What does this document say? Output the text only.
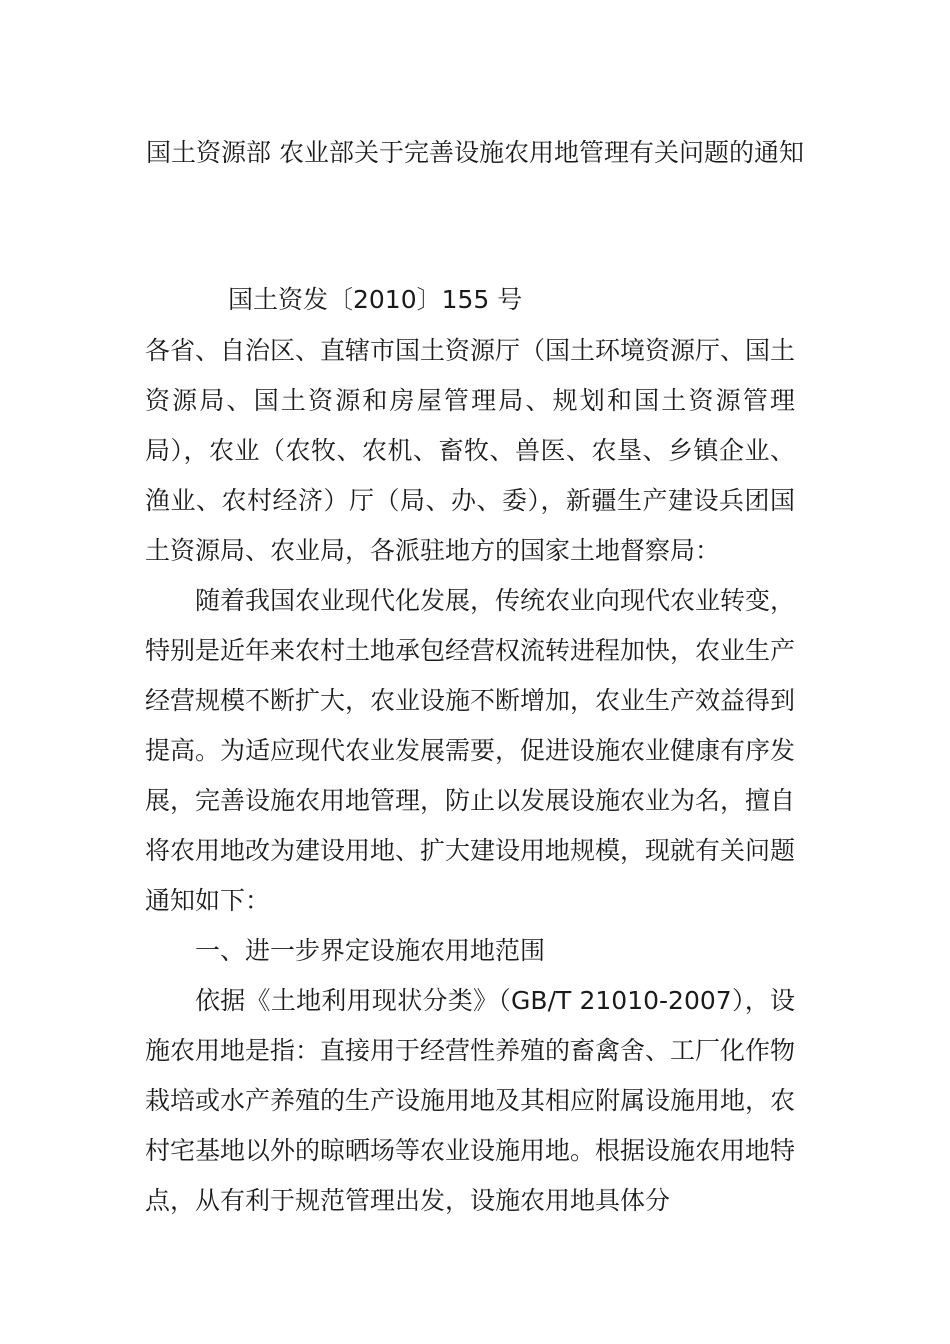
国土资源部 农业部关于完善设施农用地管理有关问题的通知
国土资发〔2010〕155 号

各省、自治区、直辖市国土资源厅（国土环境资源厅、国土资源局、国土资源和房屋管理局、规划和国土资源管理局），农业（农牧、农机、畜牧、兽医、农垦、乡镇企业、渔业、农村经济）厅（局、办、委），新疆生产建设兵团国土资源局、农业局，各派驻地方的国家土地督察局：

随着我国农业现代化发展，传统农业向现代农业转变，特别是近年来农村土地承包经营权流转进程加快，农业生产经营规模不断扩大，农业设施不断增加，农业生产效益得到提高。为适应现代农业发展需要，促进设施农业健康有序发展，完善设施农用地管理，防止以发展设施农业为名，擅自将农用地改为建设用地、扩大建设用地规模，现就有关问题通知如下：

一、进一步界定设施农用地范围

依据《土地利用现状分类》（GB/T 21010-2007），设施农用地是指：直接用于经营性养殖的畜禽舍、工厂化作物栽培或水产养殖的生产设施用地及其相应附属设施用地，农村宅基地以外的晾晒场等农业设施用地。根据设施农用地特点，从有利于规范管理出发，设施农用地具体分
